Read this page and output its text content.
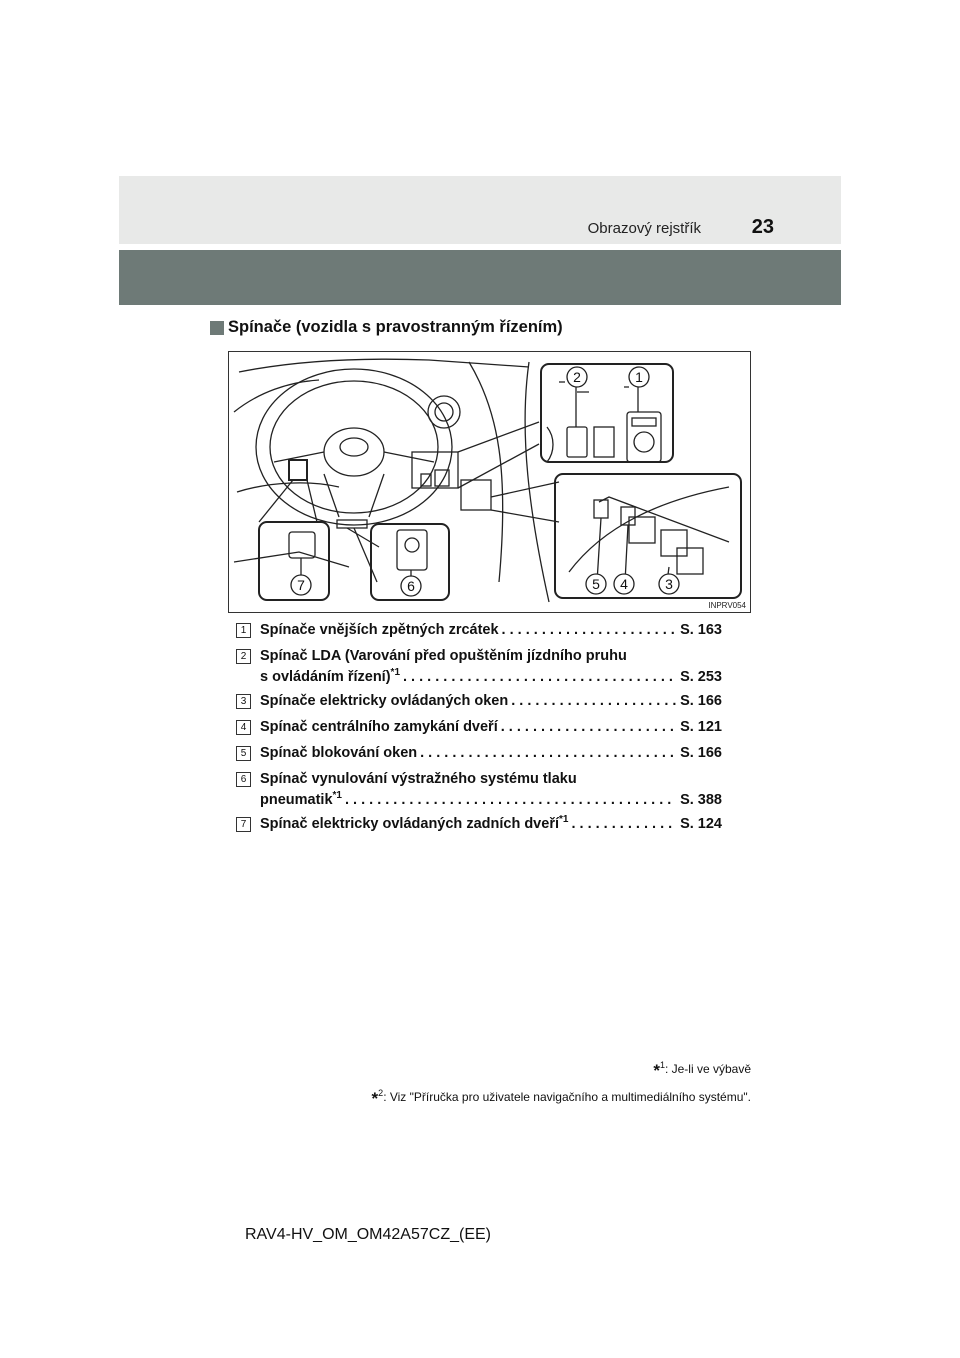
Obrazový rejstřík	23
Spínače (vozidla s pravostranným řízením)
2	1
5 4	3
7	6
INPRV054
1 Spínače vnějších zpětných zrcátek . . .	S. 163
2 Spínač LDA (Varování před opuštěním jízdního pruhu
s ovládáním řízení)$^{*1}$ . . .	S. 253
3 Spínače elektricky ovládaných oken . . .	S. 166
4 Spínač centrálního zamykání dveří . . .	S. 121
5 Spínač blokování oken . . .	S. 166
6 Spínač vynulování výstražného systému tlaku
pneumatik$^{*1}$ . . .	S. 388
7 Spínač elektricky ovládaných zadních dveří$^{*1}$ . . .	S. 124
*$^1$: Je-li ve výbavě
*$^2$: Viz "Příručka pro uživatele navigačního a multimediálního systému".
RAV4-HV_OM_OM42A57CZ_(EE)
